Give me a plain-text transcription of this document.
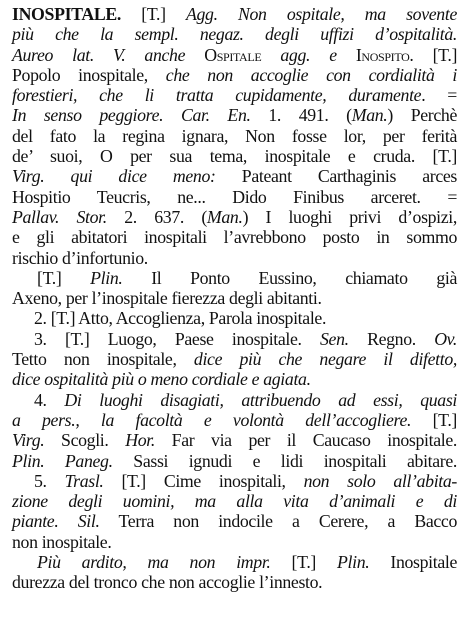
INOSPITALE. [T.] Agg. Non ospitale, ma sovente
più che la sempl. negaz. degli uffizi d’ospitalità.
Aureo lat. V. anche Ospitale agg. e Inospito. [T.]
Popolo inospitale, che non accoglie con cordialità i
forestieri, che li tratta cupidamente, duramente. =
In senso peggiore. Car. En. 1. 491. (Man.) Perchè
del fato la regina ignara, Non fosse lor, per ferità
de’ suoi, O per sua tema, inospitale e cruda. [T.]
Virg. qui dice meno: Pateant Carthaginis arces
Hospitio Teucris, ne... Dido Finibus arceret. =
Pallav. Stor. 2. 637. (Man.) I luoghi privi d’ospizi,
e gli abitatori inospitali l’avrebbono posto in sommo
rischio d’infortunio.
[T.] Plin. Il Ponto Eussino, chiamato già
Axeno, per l’inospitale fierezza degli abitanti.
2. [T.] Atto, Accoglienza, Parola inospitale.
3. [T.] Luogo, Paese inospitale. Sen. Regno. Ov.
Tetto non inospitale, dice più che negare il difetto,
dice ospitalità più o meno cordiale e agiata.
4. Di luoghi disagiati, attribuendo ad essi, quasi
a pers., la facoltà e volontà dell’accogliere. [T.]
Virg. Scogli. Hor. Far via per il Caucaso inospitale.
Plin. Paneg. Sassi ignudi e lidi inospitali abitare.
5. Trasl. [T.] Cime inospitali, non solo all’abita-
zione degli uomini, ma alla vita d’animali e di
piante. Sil. Terra non indocile a Cerere, a Bacco
non inospitale.
Più ardito, ma non impr. [T.] Plin. Inospitale
durezza del tronco che non accoglie l’innesto.
